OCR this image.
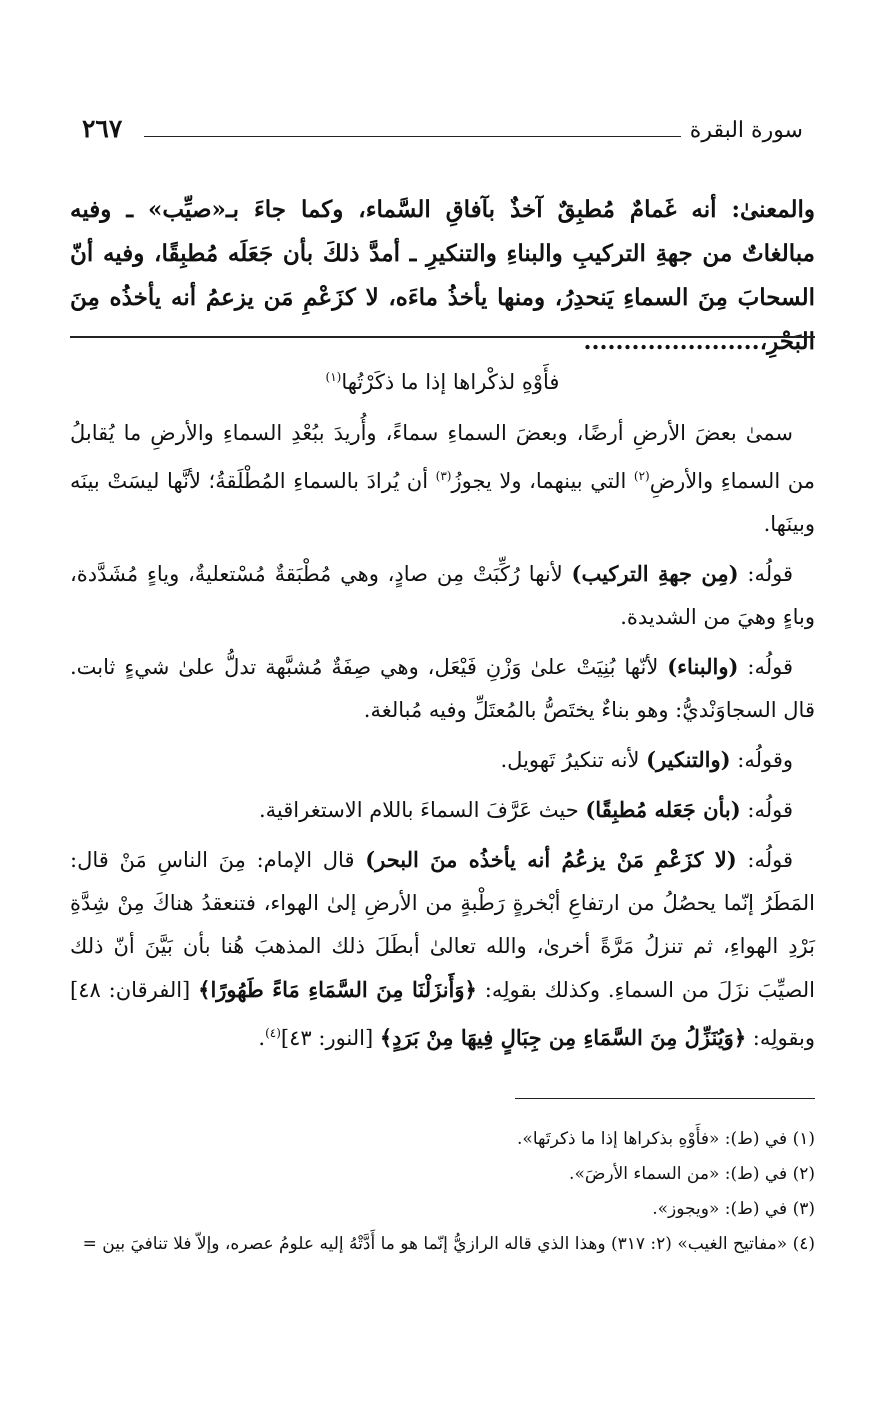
سورة البقرة
٢٦٧
والمعنىٰ: أنه غَمامٌ مُطبِقٌ آخذٌ بآفاقِ السَّماء، وكما جاءَ بـ«صيِّب» ـ وفيه مبالغاتٌ من جهةِ التركيبِ والبناءِ والتنكيرِ ـ أمدَّ ذلكَ بأن جَعَلَه مُطبِقًا، وفيه أنّ السحابَ مِنَ السماءِ يَنحدِرُ، ومنها يأخذُ ماءَه، لا كزَعْمِ مَن يزعمُ أنه يأخذُه مِنَ البَحْرِ،......................

فأَوْهِ لذكْراها إذا ما ذكَرْتُها$^{(١)}$

سمىٰ بعضَ الأرضِ أرضًا، وبعضَ السماءِ سماءً، وأُريدَ ببُعْدِ السماءِ والأرضِ ما يُقابلُ من السماءِ والأرضِ$^{(٢)}$ التي بينهما، ولا يجوزُ$^{(٣)}$ أن يُرادَ بالسماءِ المُطْلَقةُ؛ لأنَّها ليسَتْ بينَه وبينَها.

قولُه: (مِن جهةِ التركيب) لأنها رُكِّبَتْ مِن صادٍ، وهي مُطْبَقةٌ مُسْتعليةٌ، وياءٍ مُشَدَّدة، وباءٍ وهيَ من الشديدة.

قولُه: (والبناء) لأنّها بُنِيَتْ علىٰ وَزْنِ فَيْعَل، وهي صِفَةٌ مُشبَّهة تدلُّ علىٰ شيءٍ ثابت. قال السجاوَنْديُّ: وهو بناءٌ يختَصُّ بالمُعتَلِّ وفيه مُبالغة.

وقولُه: (والتنكير) لأنه تنكيرُ تَهويل.

قولُه: (بأن جَعَله مُطبِقًا) حيث عَرَّفَ السماءَ باللام الاستغراقية.

قولُه: (لا كزَعْمِ مَنْ يزعُمُ أنه يأخذُه منَ البحر) قال الإمام: مِنَ الناسِ مَنْ قال: المَطَرُ إنّما يحصُلُ من ارتفاعِ أبْخرةٍ رَطْبةٍ من الأرضِ إلىٰ الهواء، فتنعقدُ هناكَ مِنْ شِدَّةِ بَرْدِ الهواءِ، ثم تنزلُ مَرَّةً أخرىٰ، والله تعالىٰ أبطَلَ ذلك المذهبَ هُنا بأن بَيَّنَ أنّ ذلك الصيِّبَ نزَلَ من السماءِ. وكذلك بقولِه: ﴿وَأَنزَلْنَا مِنَ السَّمَاءِ مَاءً طَهُورًا﴾ [الفرقان: ٤٨] وبقولِه: ﴿وَيُنَزِّلُ مِنَ السَّمَاءِ مِن جِبَالٍ فِيهَا مِنْ بَرَدٍ﴾ [النور: ٤٣]$^{(٤)}$.

(١) في (ط): «فأَوْهِ بذكراها إذا ما ذكرتَها».
(٢) في (ط): «من السماء الأرضَ».
(٣) في (ط): «ويجوز».
(٤) «مفاتيح الغيب» (٢: ٣١٧) وهذا الذي قاله الرازيُّ إنّما هو ما أَدَّتْهُ إليه علومُ عصره، وإلاّ فلا تنافيَ بين =
